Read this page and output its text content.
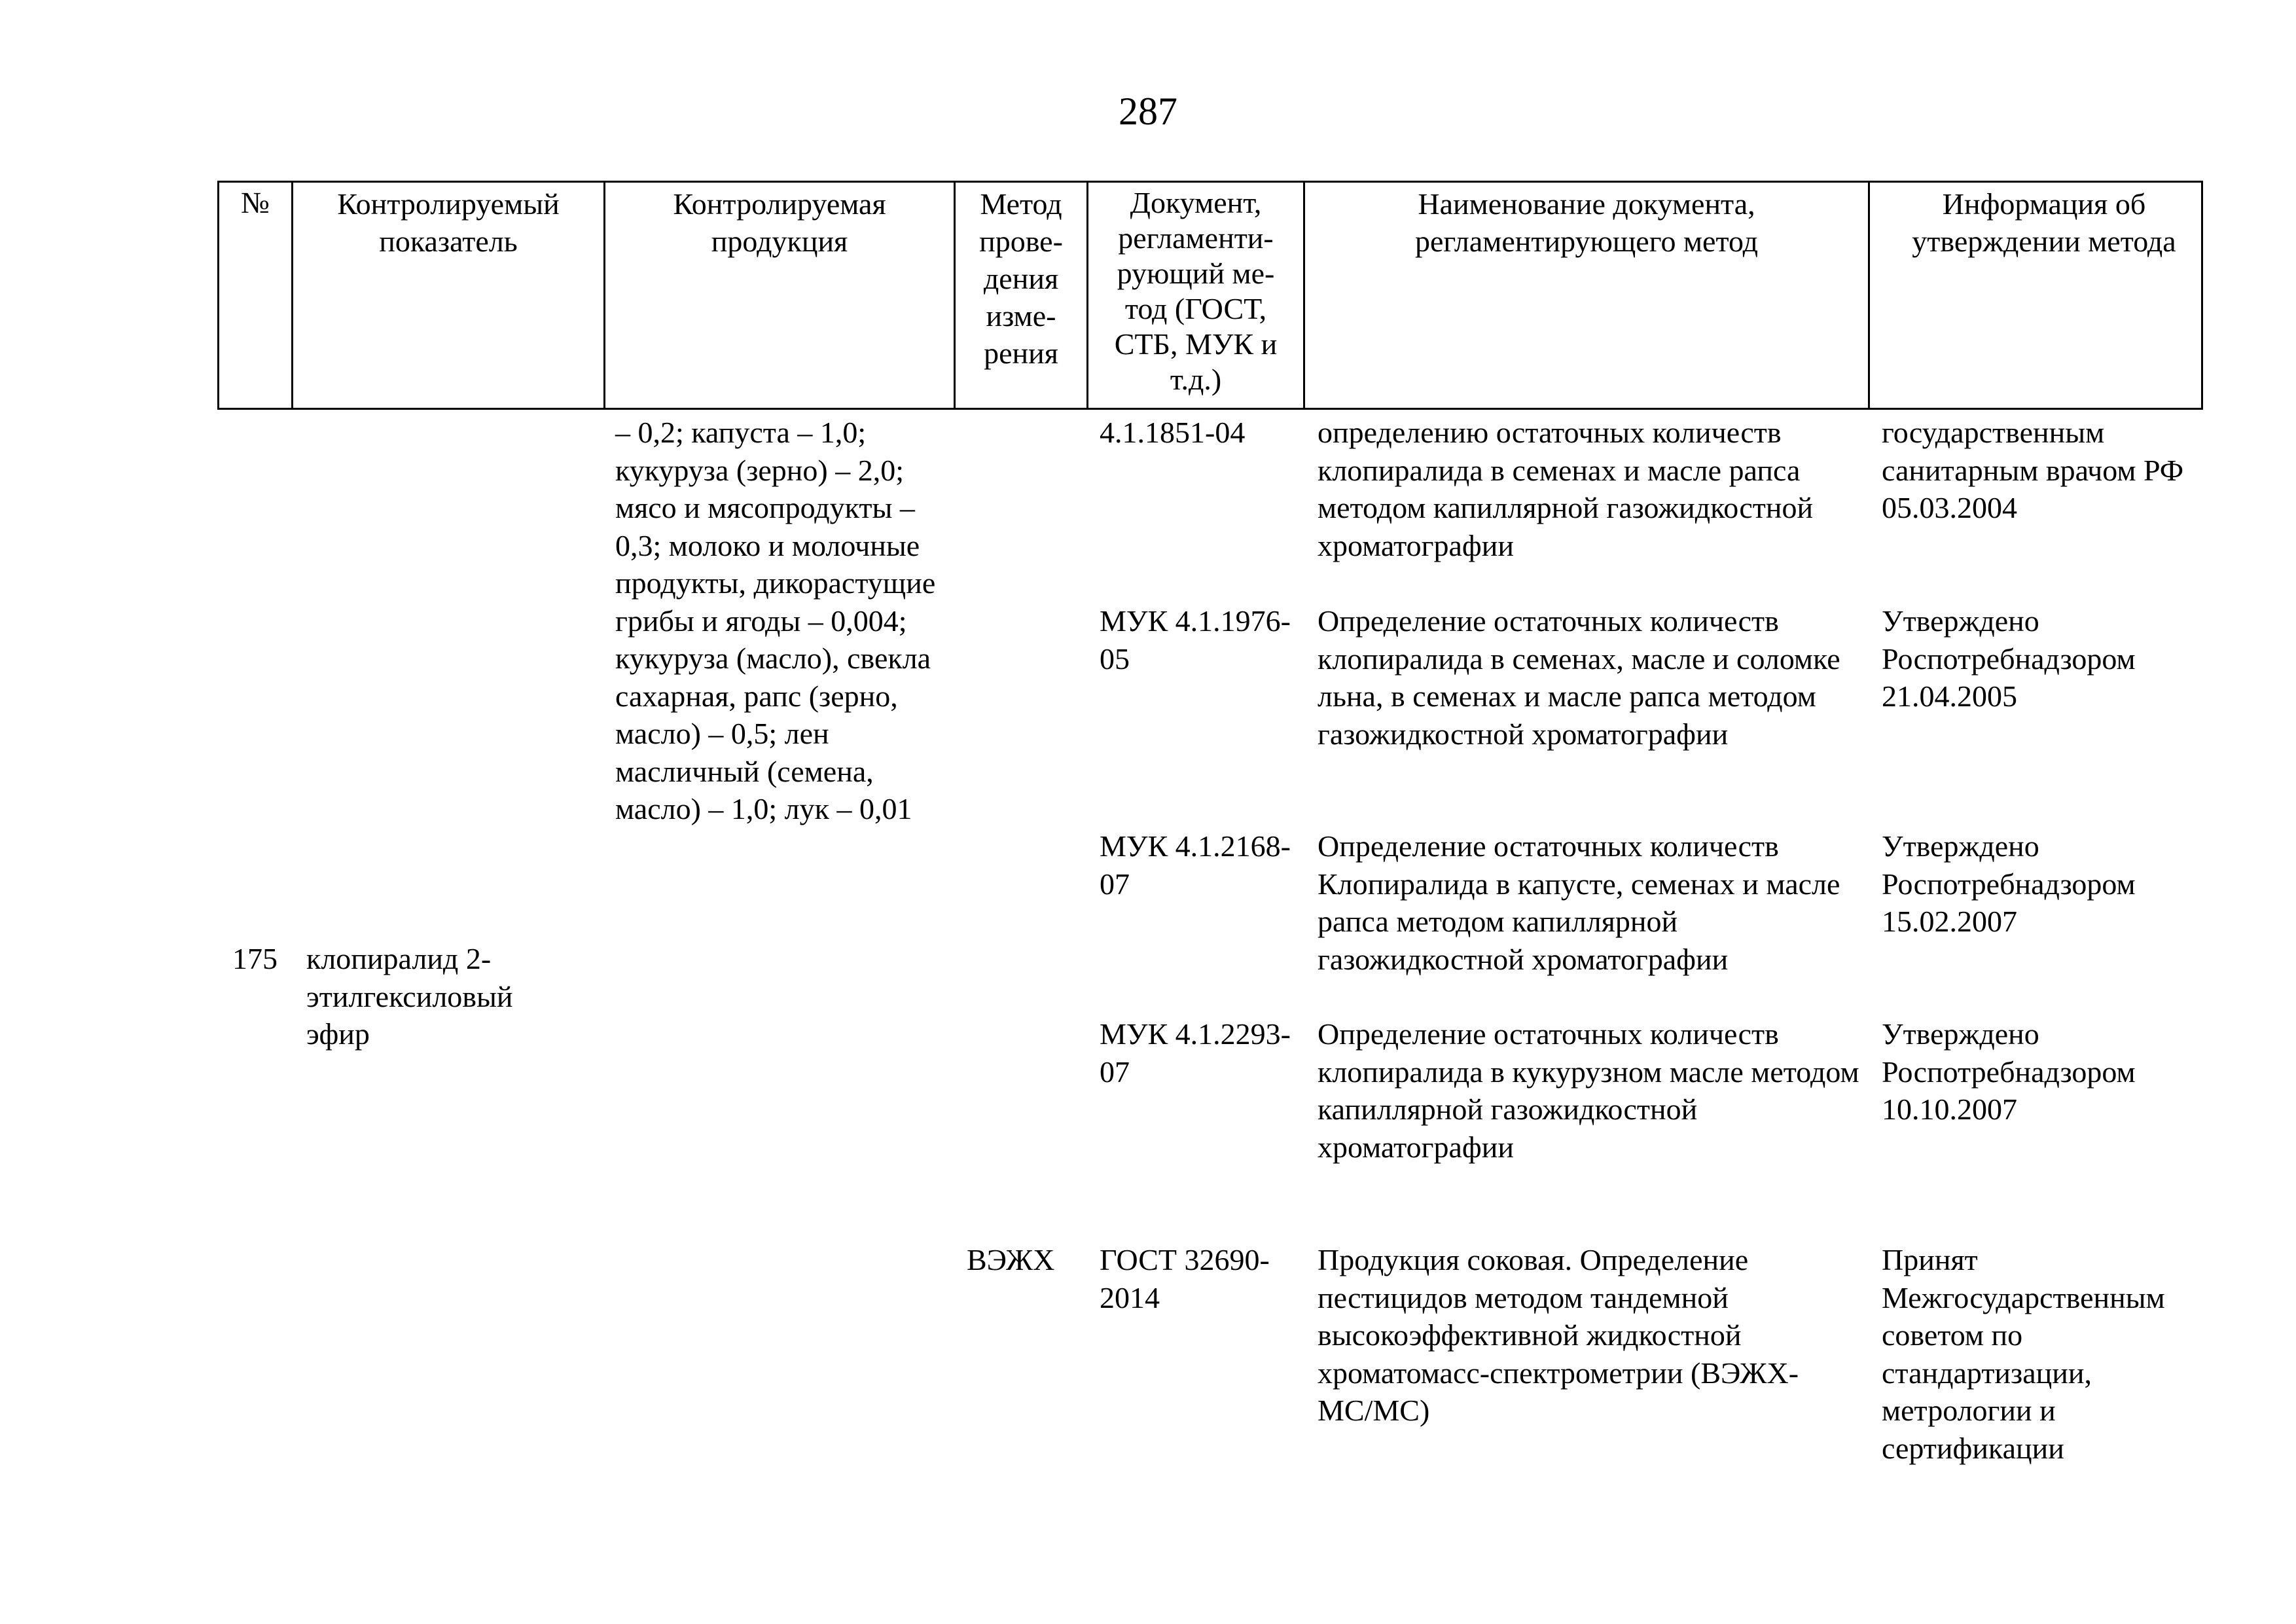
287
№	Контролируемый показатель
Контролируемая продукция
Метод прове- дения изме- рения
Документ, регламенти- рующий ме- тод (ГОСТ, СТБ, МУК и т.д.)
Наименование документа, регламентирующего метод
Информация об утверждении метода
175 клопиралид 2- этилгексиловый эфир
– 0,2; капуста – 1,0; кукуруза (зерно) – 2,0; мясо и мясопродукты – 0,3; молоко и молочные продукты, дикорастущие грибы и ягоды – 0,004; кукуруза (масло), свекла сахарная, рапс (зерно, масло) – 0,5; лен масличный (семена, масло) – 1,0; лук – 0,01
4.1.1851-04	определению остаточных количеств клопиралида в семенах и масле рапса методом капиллярной газожидкостной хроматографии
государственным санитарным врачом РФ 05.03.2004
МУК 4.1.1976-05
Определение остаточных количеств клопиралида в семенах, масле и соломке льна, в семенах и масле рапса методом газожидкостной хроматографии
Утверждено Роспотребнадзором 21.04.2005
МУК 4.1.2168-07
Определение остаточных количеств Клопиралида в капусте, семенах и масле рапса методом капиллярной газожидкостной хроматографии
Утверждено Роспотребнадзором 15.02.2007
МУК 4.1.2293-07
Определение остаточных количеств клопиралида в кукурузном масле методом капиллярной газожидкостной хроматографии
Утверждено Роспотребнадзором 10.10.2007
ВЭЖХ ГОСТ 32690-2014
Продукция соковая. Определение пестицидов методом тандемной высокоэффективной жидкостной хроматомасс-спектрометрии (ВЭЖХ- МС/МС)
Принят Межгосударственным советом по стандартизации, метрологии и сертификации
